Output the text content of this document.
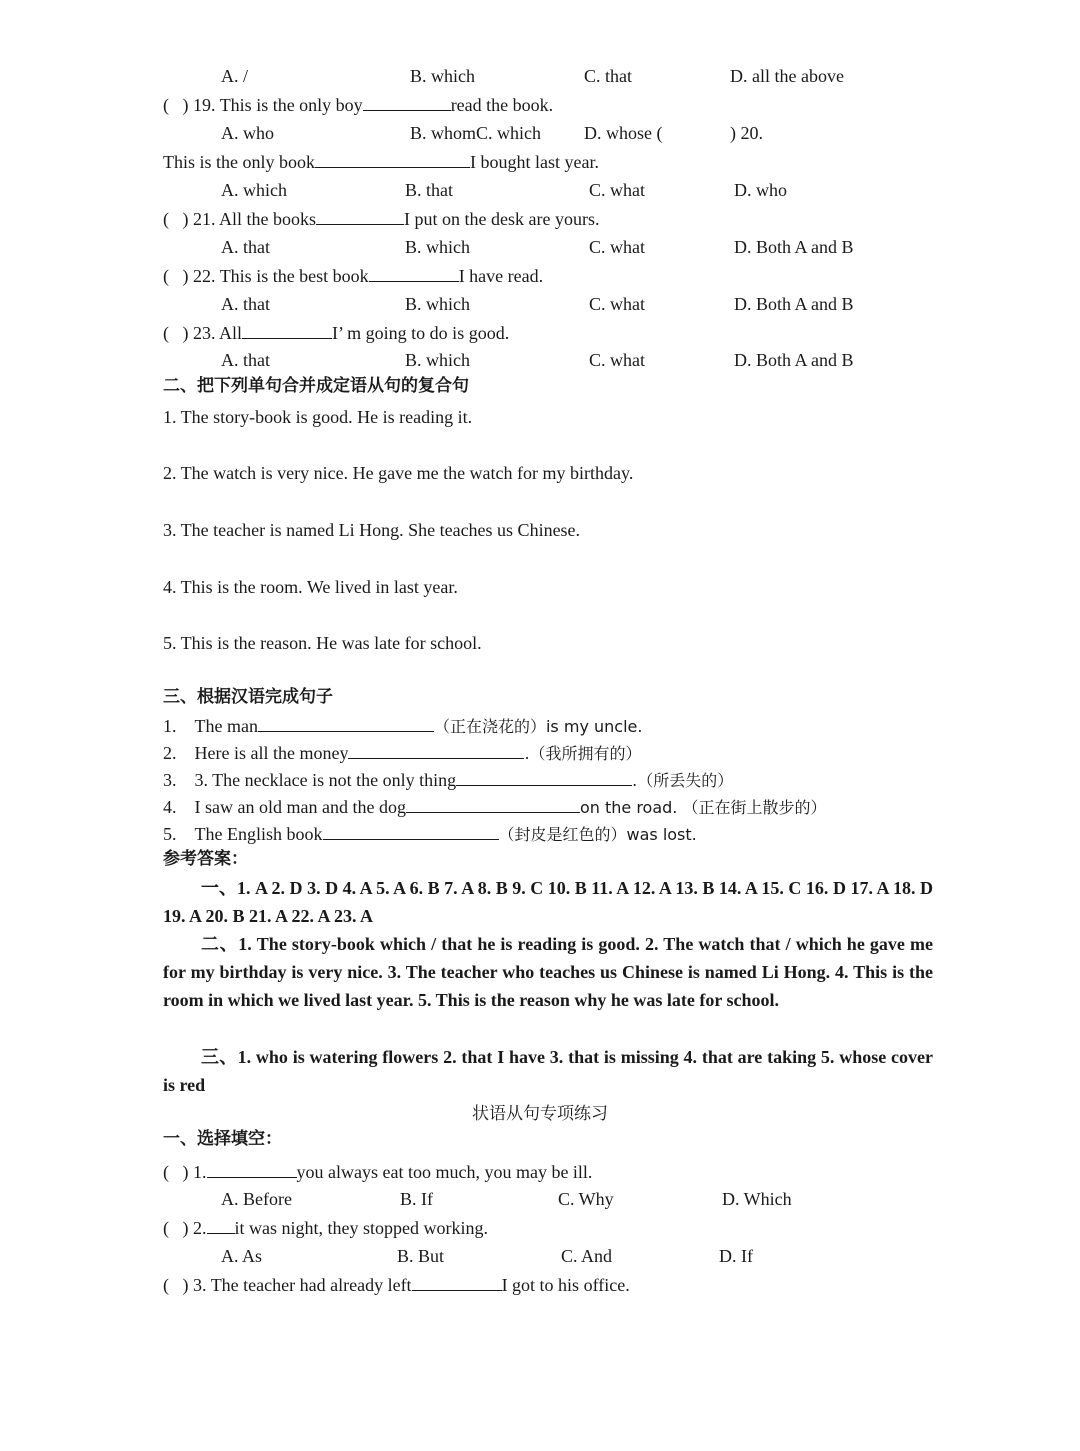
A. /	B. which	C. that	D. all the above
( ) 19. This is the only boy	read the book.
A. who	B. whomC. which D. whose (	) 20.
This is the only book	I bought last year.
A. which	B. that	C. what	D. who
( ) 21. All the books	I put on the desk are yours.
A. that	B. which	C. what	D. Both A and B
( ) 22. This is the best book	I have read.
A. that	B. which	C. what	D. Both A and B
( ) 23. All	I’ m going to do is good.
A. that	B. which	C. what	D. Both A and B
二、把下列单句合并成定语从句的复合句
1. The story-book is good. He is reading it.
2. The watch is very nice. He gave me the watch for my birthday.
3. The teacher is named Li Hong. She teaches us Chinese.
4. This is the room. We lived in last year.
5. This is the reason. He was late for school.
三、根据汉语完成句子
1. The man	（正在浇花的）is my uncle.
2. Here is all the money	.（我所拥有的）
3. 3. The necklace is not the only thing	.（所丢失的）
4. I saw an old man and the dog	on the road. （正在街上散步的）
5. The English book	（封皮是红色的）was lost.
参考答案：
一、1. A 2. D 3. D 4. A 5. A 6. B 7. A 8. B 9. C 10. B 11. A 12. A 13. B 14. A 15. C 16. D 17. A 18. D 19. A 20. B 21. A 22. A 23. A
二、1. The story-book which / that he is reading is good. 2. The watch that / which he gave me for my birthday is very nice. 3. The teacher who teaches us Chinese is named Li Hong. 4. This is the room in which we lived last year. 5. This is the reason why he was late for school.
三、1. who is watering flowers 2. that I have 3. that is missing 4. that are taking 5. whose cover is red
状语从句专项练习
一、选择填空：
( ) 1.	you always eat too much, you may be ill.
A. Before	B. If	C. Why	D. Which
( ) 2. it was night, they stopped working.
A. As	B. But	C. And	D. If
( ) 3. The teacher had already left	I got to his office.
